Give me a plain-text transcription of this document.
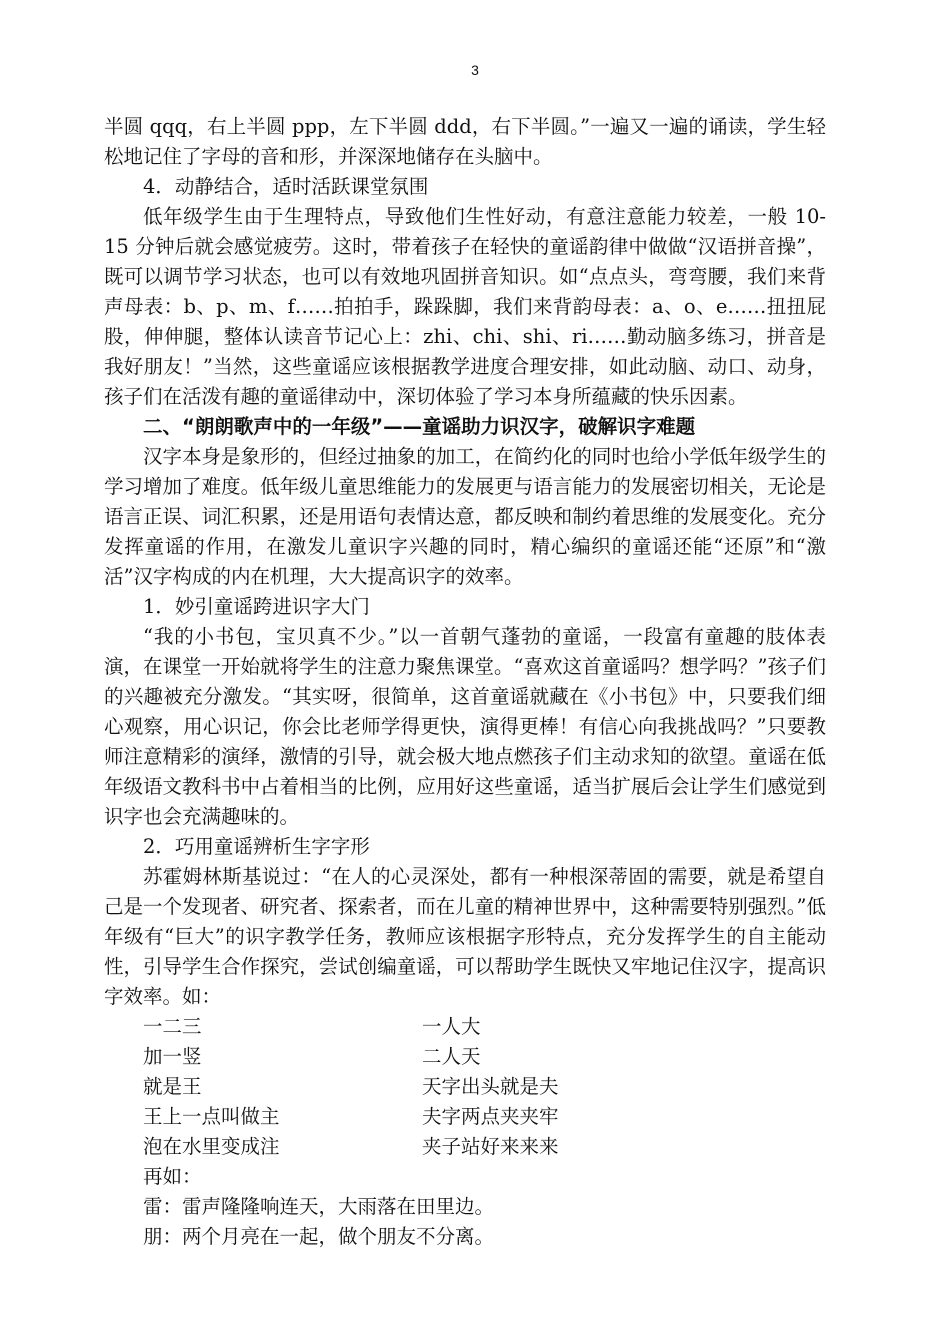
3

半圆 qqq，右上半圆 ppp，左下半圆 ddd，右下半圆。”一遍又一遍的诵读，学生轻松地记住了字母的音和形，并深深地储存在头脑中。

4．动静结合，适时活跃课堂氛围

低年级学生由于生理特点，导致他们生性好动，有意注意能力较差，一般 10-15 分钟后就会感觉疲劳。这时，带着孩子在轻快的童谣韵律中做做“汉语拼音操”，既可以调节学习状态，也可以有效地巩固拼音知识。如“点点头，弯弯腰，我们来背声母表：b、p、m、f……拍拍手，跺跺脚，我们来背韵母表：a、o、e……扭扭屁股，伸伸腿，整体认读音节记心上：zhi、chi、shi、ri……勤动脑多练习，拼音是我好朋友！”当然，这些童谣应该根据教学进度合理安排，如此动脑、动口、动身，孩子们在活泼有趣的童谣律动中，深切体验了学习本身所蕴藏的快乐因素。

二、“朗朗歌声中的一年级”——童谣助力识汉字，破解识字难题

汉字本身是象形的，但经过抽象的加工，在简约化的同时也给小学低年级学生的学习增加了难度。低年级儿童思维能力的发展更与语言能力的发展密切相关，无论是语言正误、词汇积累，还是用语句表情达意，都反映和制约着思维的发展变化。充分发挥童谣的作用，在激发儿童识字兴趣的同时，精心编织的童谣还能“还原”和“激活”汉字构成的内在机理，大大提高识字的效率。

1．妙引童谣跨进识字大门

“我的小书包，宝贝真不少。”以一首朝气蓬勃的童谣，一段富有童趣的肢体表演，在课堂一开始就将学生的注意力聚焦课堂。“喜欢这首童谣吗？想学吗？”孩子们的兴趣被充分激发。“其实呀，很简单，这首童谣就藏在《小书包》中，只要我们细心观察，用心识记，你会比老师学得更快，演得更棒！有信心向我挑战吗？”只要教师注意精彩的演绎，激情的引导，就会极大地点燃孩子们主动求知的欲望。童谣在低年级语文教科书中占着相当的比例，应用好这些童谣，适当扩展后会让学生们感觉到识字也会充满趣味的。

2．巧用童谣辨析生字字形

苏霍姆林斯基说过：“在人的心灵深处，都有一种根深蒂固的需要，就是希望自己是一个发现者、研究者、探索者，而在儿童的精神世界中，这种需要特别强烈。”低年级有“巨大”的识字教学任务，教师应该根据字形特点，充分发挥学生的自主能动性，引导学生合作探究，尝试创编童谣，可以帮助学生既快又牢地记住汉字，提高识字效率。如：

一二三	一人大
加一竖	二人天
就是王	天字出头就是夫
王上一点叫做主	夫字两点夹夹牢
泡在水里变成注	夹子站好来来来

再如：

雷：雷声隆隆响连天，大雨落在田里边。

朋：两个月亮在一起，做个朋友不分离。
